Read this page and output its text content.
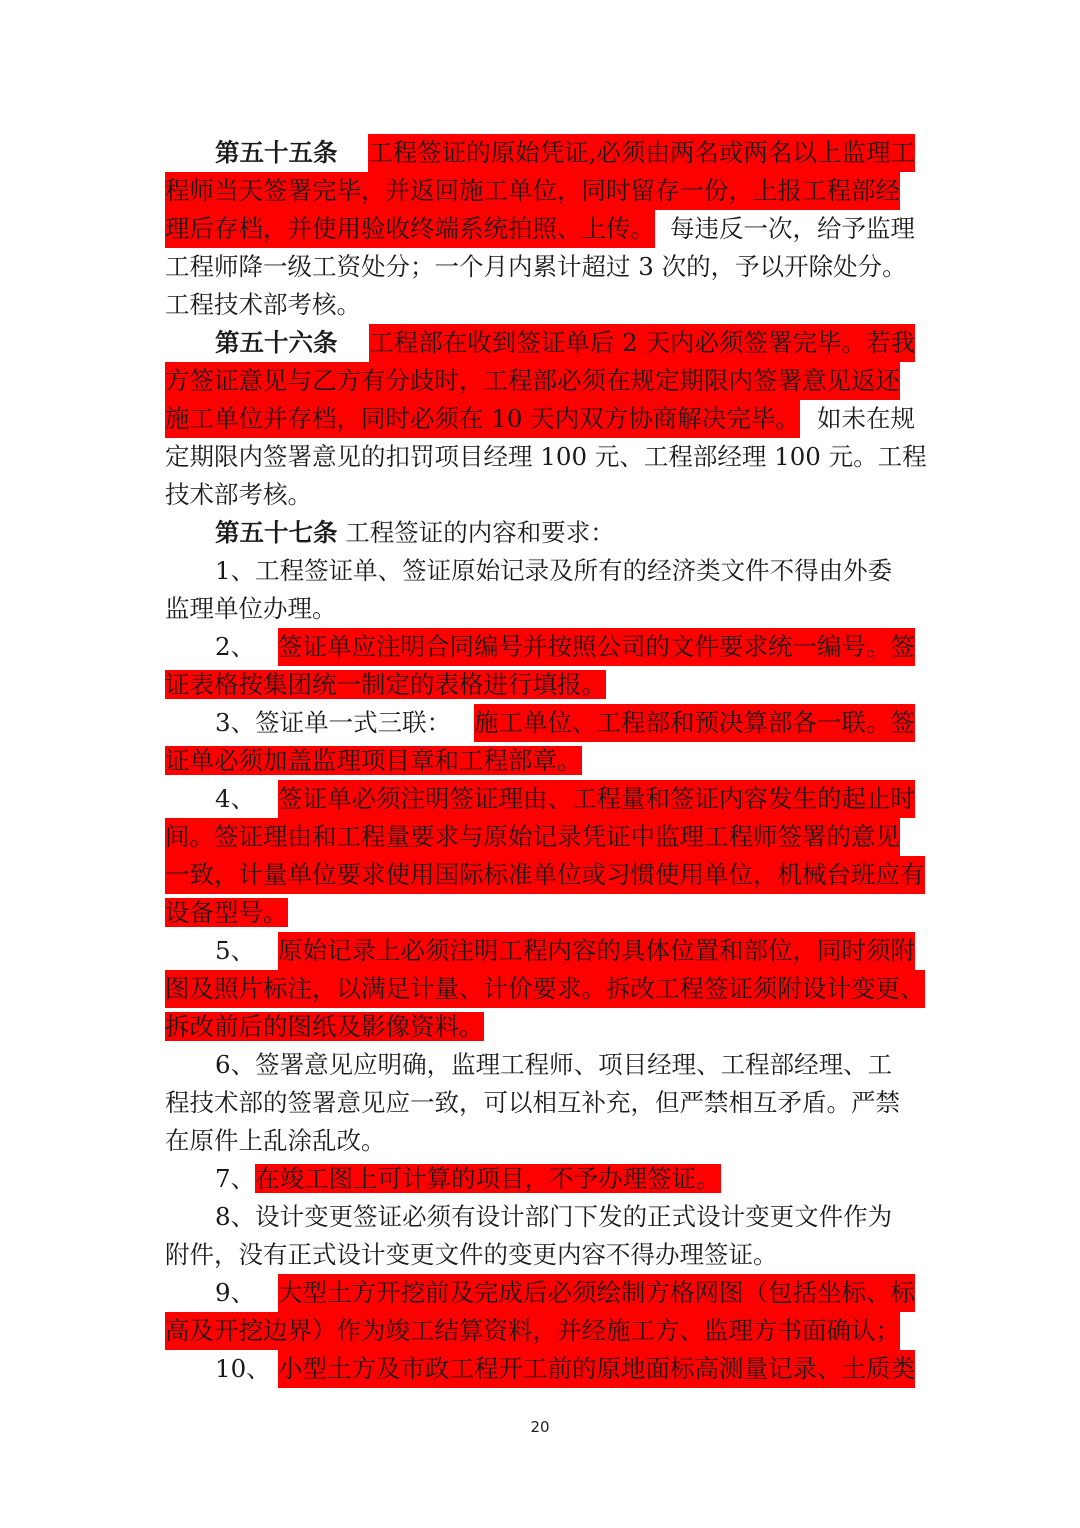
第五十五条 工程签证的原始凭证,必须由两名或两名以上监理工
程师当天签署完毕，并返回施工单位，同时留存一份，上报工程部经
理后存档，并使用验收终端系统拍照、上传。 每违反一次，给予监理
工程师降一级工资处分；一个月内累计超过 3 次的，予以开除处分。
工程技术部考核。
第五十六条 工程部在收到签证单后 2 天内必须签署完毕。若我
方签证意见与乙方有分歧时，工程部必须在规定期限内签署意见返还
施工单位并存档，同时必须在 10 天内双方协商解决完毕。 如未在规
定期限内签署意见的扣罚项目经理 100 元、工程部经理 100 元。工程
技术部考核。
第五十七条 工程签证的内容和要求：
1、工程签证单、签证原始记录及所有的经济类文件不得由外委
监理单位办理。
2、 签证单应注明合同编号并按照公司的文件要求统一编号。签
证表格按集团统一制定的表格进行填报。
3、签证单一式三联： 施工单位、工程部和预决算部各一联。签
证单必须加盖监理项目章和工程部章。
4、 签证单必须注明签证理由、工程量和签证内容发生的起止时
间。签证理由和工程量要求与原始记录凭证中监理工程师签署的意见
一致，计量单位要求使用国际标准单位或习惯使用单位，机械台班应有
设备型号。
5、 原始记录上必须注明工程内容的具体位置和部位，同时须附
图及照片标注，以满足计量、计价要求。拆改工程签证须附设计变更、
拆改前后的图纸及影像资料。
6、签署意见应明确，监理工程师、项目经理、工程部经理、工
程技术部的签署意见应一致，可以相互补充，但严禁相互矛盾。严禁
在原件上乱涂乱改。
7、在竣工图上可计算的项目，不予办理签证。
8、设计变更签证必须有设计部门下发的正式设计变更文件作为
附件，没有正式设计变更文件的变更内容不得办理签证。
9、 大型土方开挖前及完成后必须绘制方格网图（包括坐标、标
高及开挖边界）作为竣工结算资料，并经施工方、监理方书面确认；
10、 小型土方及市政工程开工前的原地面标高测量记录、土质类
20
